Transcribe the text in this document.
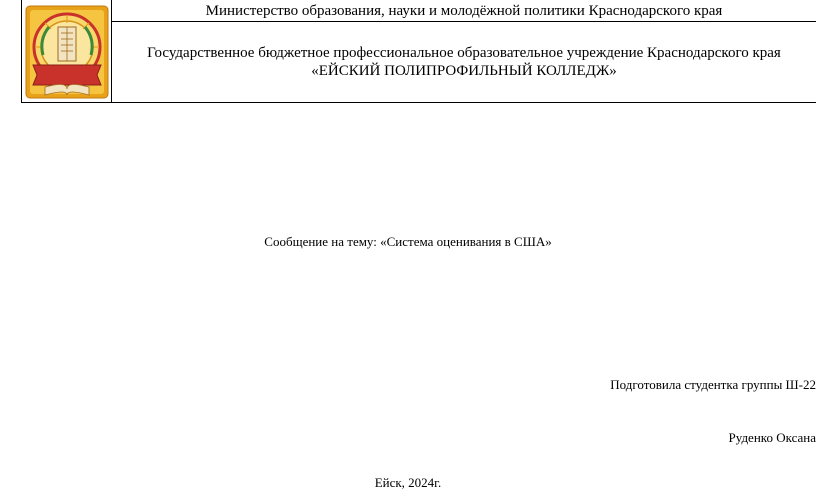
Министерство образования, науки и молодёжной политики Краснодарского края
Государственное бюджетное профессиональное образовательное учреждение Краснодарского края
«ЕЙСКИЙ ПОЛИПРОФИЛЬНЫЙ КОЛЛЕДЖ»
Сообщение на тему: «Система оценивания в США»
Подготовила студентка группы Ш-22
Руденко Оксана
Ейск, 2024г.
